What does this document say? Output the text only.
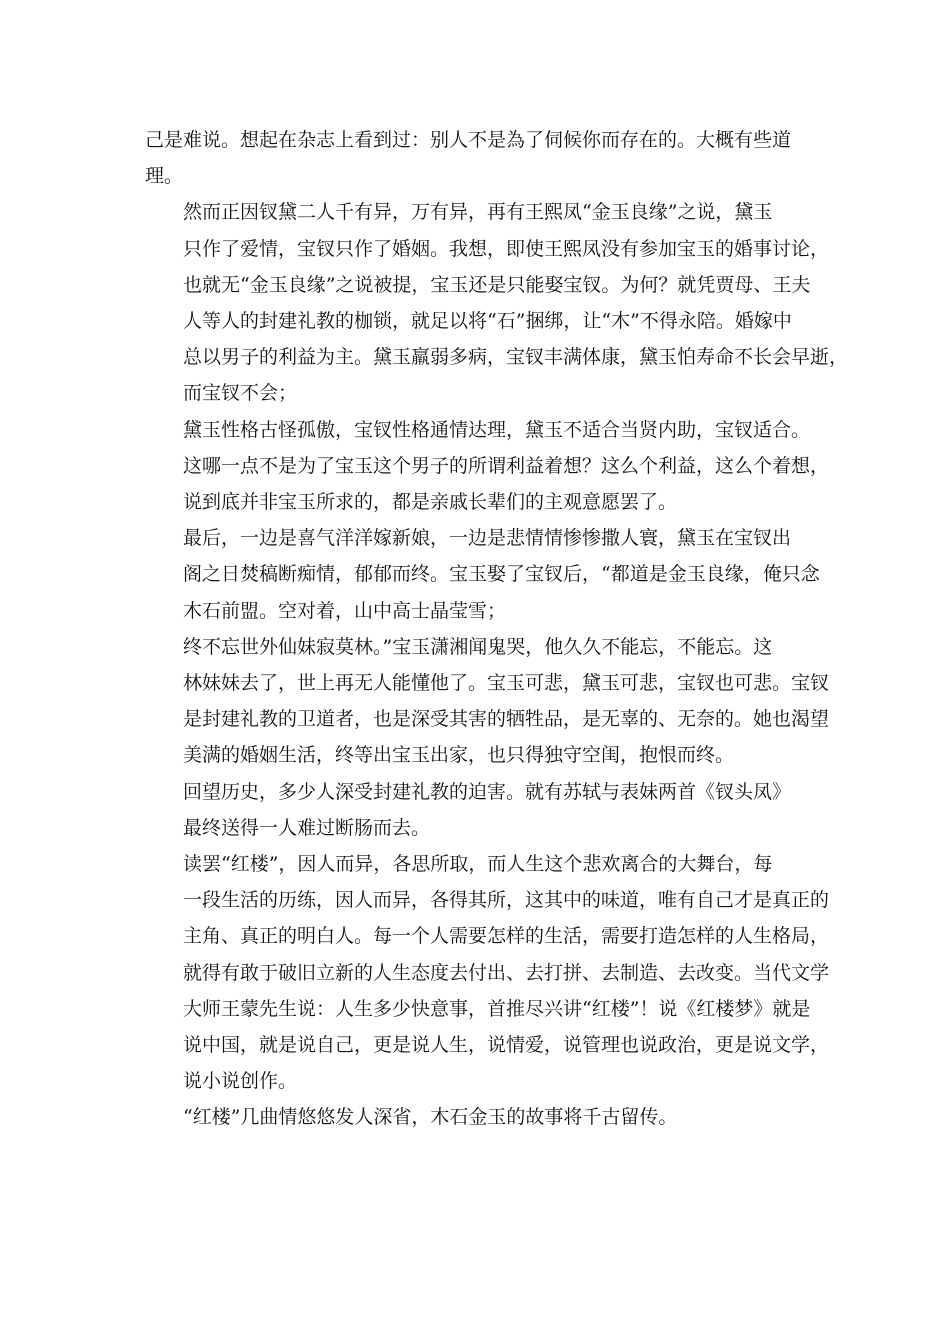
己是难说。想起在杂志上看到过：别人不是為了伺候你而存在的。大概有些道
理。

然而正因钗黛二人千有异，万有异，再有王熙凤“金玉良缘”之说，黛玉
只作了爱情，宝钗只作了婚姻。我想，即使王熙凤没有参加宝玉的婚事讨论，
也就无“金玉良缘”之说被提，宝玉还是只能娶宝钗。为何？就凭贾母、王夫
人等人的封建礼教的枷锁，就足以将“石”捆绑，让“木”不得永陪。婚嫁中
总以男子的利益为主。黛玉羸弱多病，宝钗丰满体康，黛玉怕寿命不长会早逝，
而宝钗不会；

黛玉性格古怪孤傲，宝钗性格通情达理，黛玉不适合当贤内助，宝钗适合。
这哪一点不是为了宝玉这个男子的所谓利益着想？这么个利益，这么个着想，
说到底并非宝玉所求的，都是亲戚长辈们的主观意愿罢了。

最后，一边是喜气洋洋嫁新娘，一边是悲情情惨惨撒人寰，黛玉在宝钗出
阁之日焚稿断痴情，郁郁而终。宝玉娶了宝钗后，“都道是金玉良缘，俺只念
木石前盟。空对着，山中高士晶莹雪；

终不忘世外仙妹寂莫林。”宝玉潇湘闻鬼哭，他久久不能忘，不能忘。这
林妹妹去了，世上再无人能懂他了。宝玉可悲，黛玉可悲，宝钗也可悲。宝钗
是封建礼教的卫道者，也是深受其害的牺牲品，是无辜的、无奈的。她也渴望
美满的婚姻生活，终等出宝玉出家，也只得独守空闺，抱恨而终。

回望历史，多少人深受封建礼教的迫害。就有苏轼与表妹两首《钗头凤》
最终送得一人难过断肠而去。

读罢“红楼”，因人而异，各思所取，而人生这个悲欢离合的大舞台，每
一段生活的历练，因人而异，各得其所，这其中的味道，唯有自己才是真正的
主角、真正的明白人。每一个人需要怎样的生活，需要打造怎样的人生格局，
就得有敢于破旧立新的人生态度去付出、去打拼、去制造、去改变。当代文学
大师王蒙先生说：人生多少快意事，首推尽兴讲“红楼”！说《红楼梦》就是
说中国，就是说自己，更是说人生，说情爱，说管理也说政治，更是说文学，
说小说创作。

“红楼”几曲情悠悠发人深省，木石金玉的故事将千古留传。
